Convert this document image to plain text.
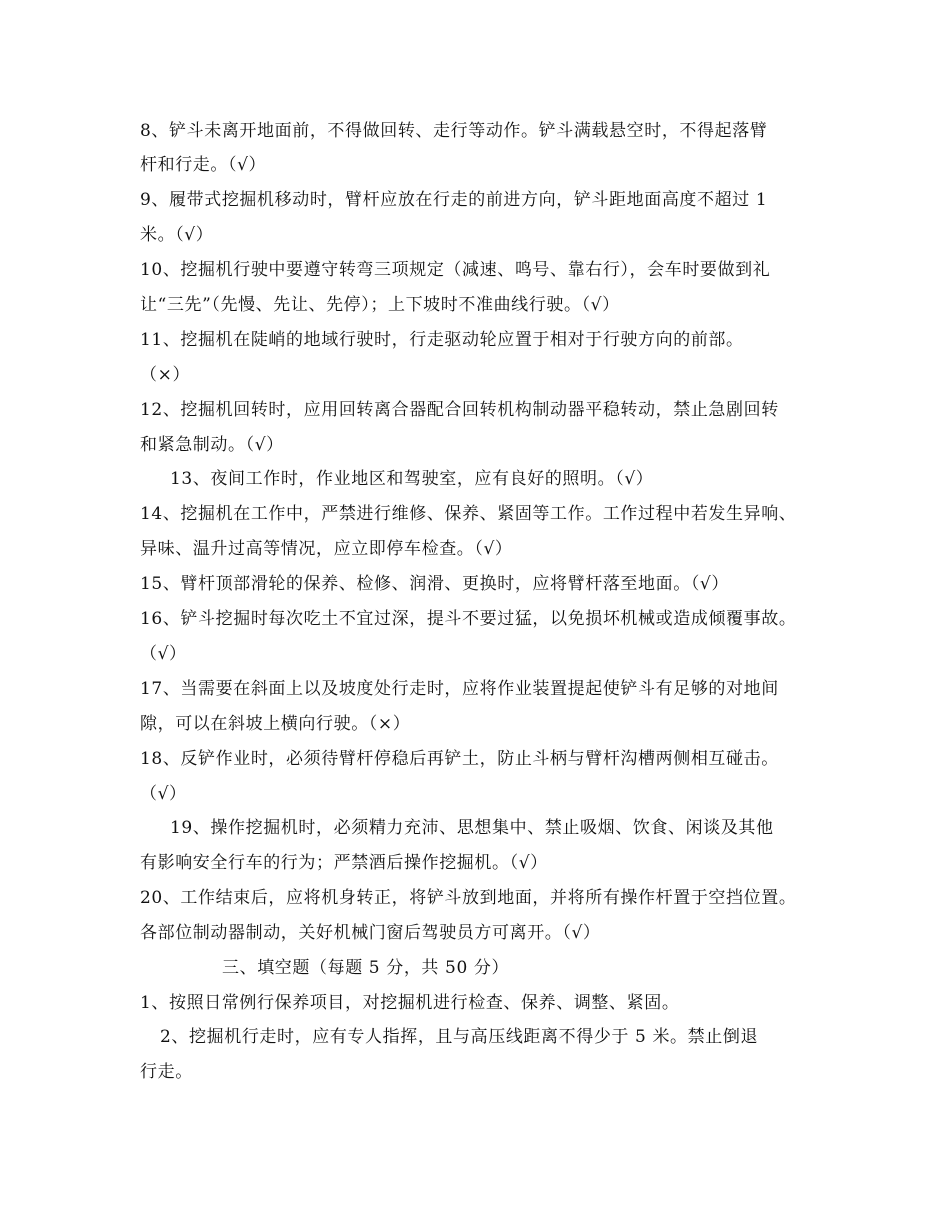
8、铲斗未离开地面前，不得做回转、走行等动作。铲斗满载悬空时，不得起落臂
杆和行走。（√）
9、履带式挖掘机移动时，臂杆应放在行走的前进方向，铲斗距地面高度不超过 1
米。（√）
10、挖掘机行驶中要遵守转弯三项规定（减速、鸣号、靠右行），会车时要做到礼
让“三先”（先慢、先让、先停）；上下坡时不准曲线行驶。（√）
11、挖掘机在陡峭的地域行驶时，行走驱动轮应置于相对于行驶方向的前部。
（×）
12、挖掘机回转时，应用回转离合器配合回转机构制动器平稳转动，禁止急剧回转
和紧急制动。（√）
13、夜间工作时，作业地区和驾驶室，应有良好的照明。（√）
14、挖掘机在工作中，严禁进行维修、保养、紧固等工作。工作过程中若发生异响、
异味、温升过高等情况，应立即停车检查。（√）
15、臂杆顶部滑轮的保养、检修、润滑、更换时，应将臂杆落至地面。（√）
16、铲斗挖掘时每次吃土不宜过深，提斗不要过猛，以免损坏机械或造成倾覆事故。
（√）
17、当需要在斜面上以及坡度处行走时，应将作业装置提起使铲斗有足够的对地间
隙，可以在斜坡上横向行驶。（×）
18、反铲作业时，必须待臂杆停稳后再铲土，防止斗柄与臂杆沟槽两侧相互碰击。
（√）
19、操作挖掘机时，必须精力充沛、思想集中、禁止吸烟、饮食、闲谈及其他
有影响安全行车的行为；严禁酒后操作挖掘机。（√）
20、工作结束后，应将机身转正，将铲斗放到地面，并将所有操作杆置于空挡位置。
各部位制动器制动，关好机械门窗后驾驶员方可离开。（√）
三、填空题（每题 5 分，共 50 分）
1、按照日常例行保养项目，对挖掘机进行检查、保养、调整、紧固。
2、挖掘机行走时，应有专人指挥，且与高压线距离不得少于 5 米。禁止倒退
行走。
